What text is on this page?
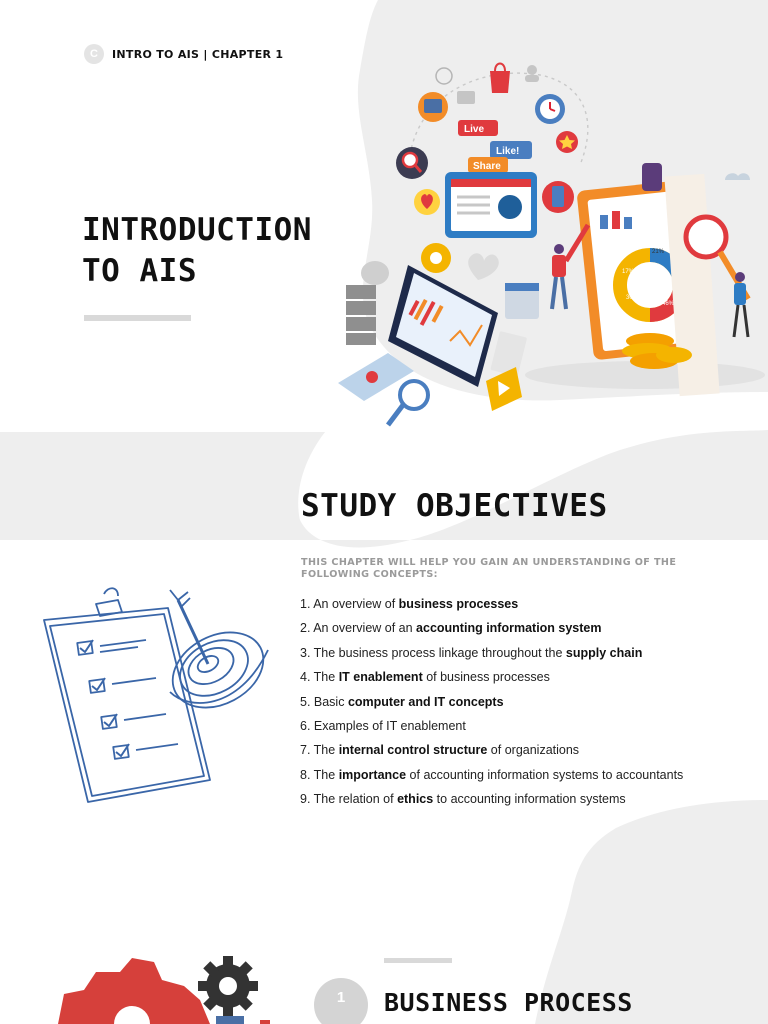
C	INTRO TO AIS | CHAPTER 1
INTRODUCTION
TO AIS
Live
Like!
Share
21%
17%
30%
46%
STUDY OBJECTIVES
THIS CHAPTER WILL HELP YOU GAIN AN UNDERSTANDING OF THE FOLLOWING CONCEPTS:
1. An overview of business processes
2. An overview of an accounting information system
3. The business process linkage throughout the supply chain
4. The IT enablement of business processes
5. Basic computer and IT concepts
6. Examples of IT enablement
7. The internal control structure of organizations
8. The importance of accounting information systems to accountants
9. The relation of ethics to accounting information systems
1	BUSINESS PROCESS
